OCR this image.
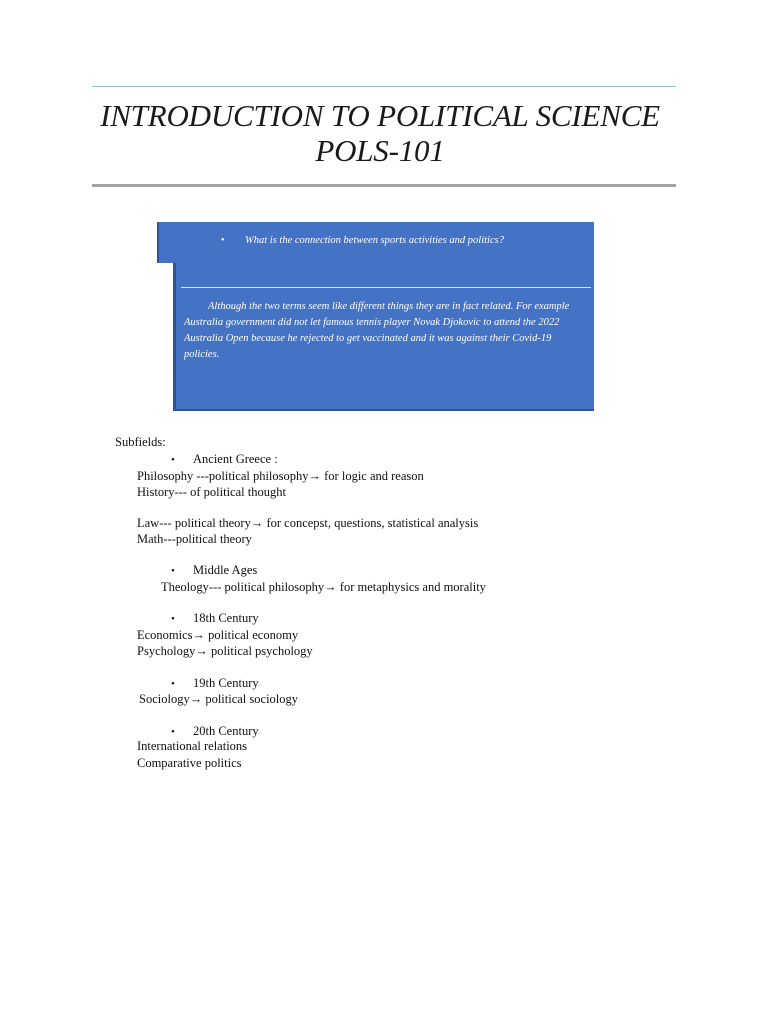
INTRODUCTION TO POLITICAL SCIENCE
POLS-101
• What is the connection between sports activities and politics?
Although the two terms seem like different things they are in fact related. For example Australia government did not let famous tennis player Novak Djokovic to attend the 2022 Australia Open because he rejected to get vaccinated and it was against their Covid-19 policies.
Subfields:
• Ancient Greece :
Philosophy ---political philosophy→ for logic and reason
History--- of political thought
Law--- political theory→ for concepst, questions, statistical analysis
Math---political theory
• Middle Ages
Theology--- political philosophy→ for metaphysics and morality
• 18th Century
Economics→ political economy
Psychology→ political psychology
• 19th Century
Sociology→ political sociology
• 20th Century
International relations
Comparative politics
